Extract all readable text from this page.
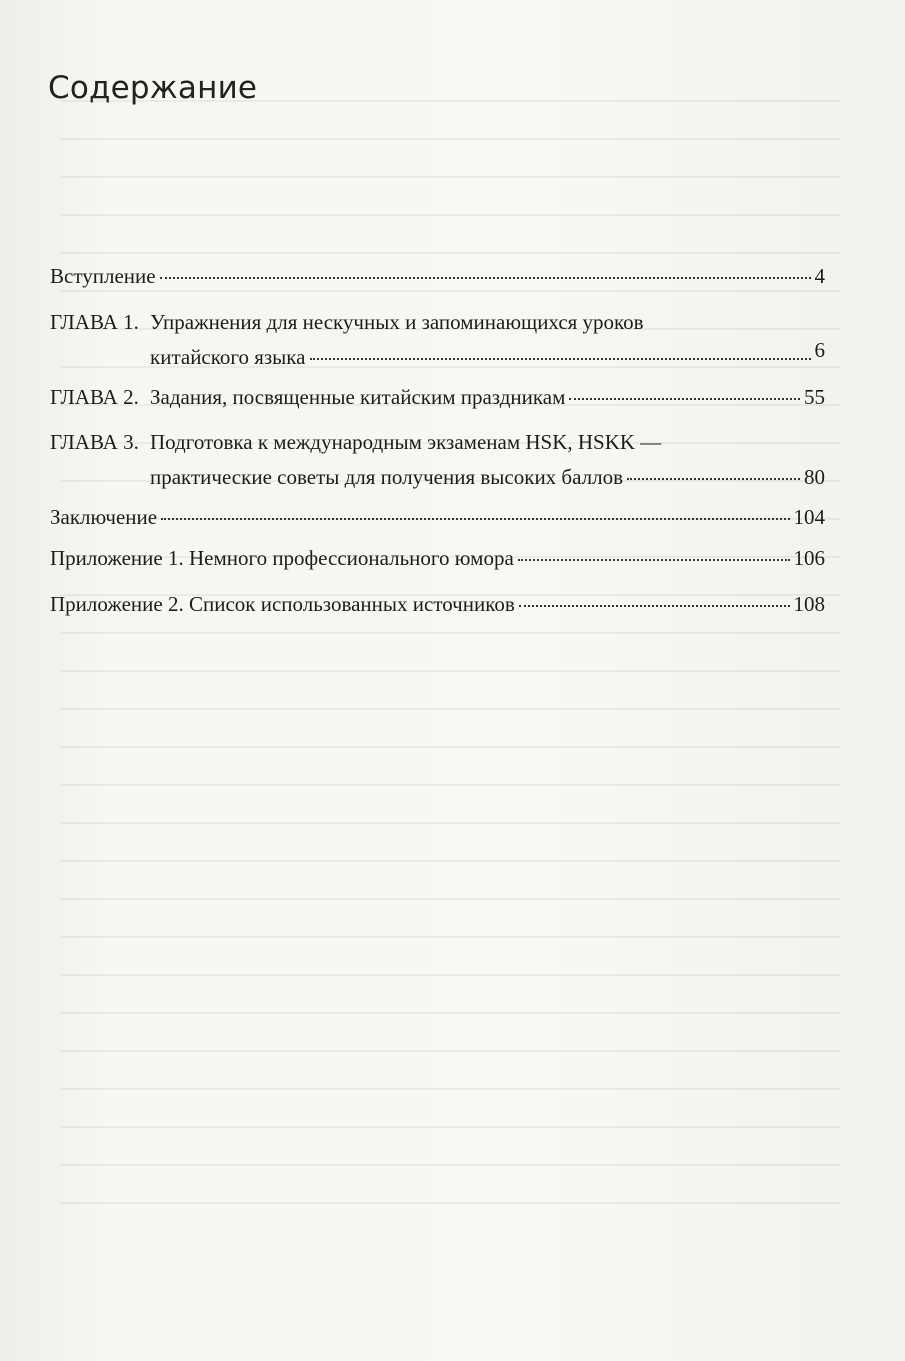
Содержание
Вступление	4
ГЛАВА 1. Упражнения для нескучных и запоминающихся уроков
китайского языка	6
ГЛАВА 2. Задания, посвященные китайским праздникам	55
ГЛАВА 3. Подготовка к международным экзаменам HSK, HSKK —
практические советы для получения высоких баллов	80
Заключение	104
Приложение 1. Немного профессионального юмора	106
Приложение 2. Список использованных источников	108
